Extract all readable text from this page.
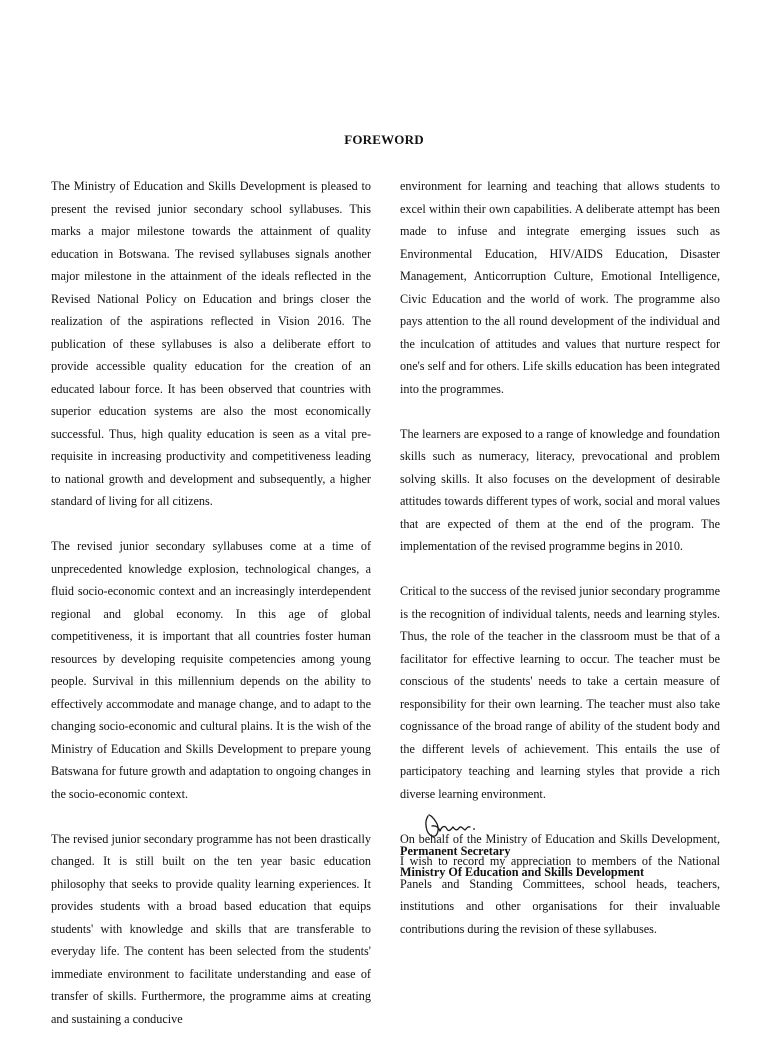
FOREWORD

The Ministry of Education and Skills Development is pleased to present the revised junior secondary school syllabuses. This marks a major milestone towards the attainment of quality education in Botswana. The revised syllabuses signals another major milestone in the attainment of the ideals reflected in the Revised National Policy on Education and brings closer the realization of the aspirations reflected in Vision 2016. The publication of these syllabuses is also a deliberate effort to provide accessible quality education for the creation of an educated labour force. It has been observed that countries with superior education systems are also the most economically successful. Thus, high quality education is seen as a vital pre-requisite in increasing productivity and competitiveness leading to national growth and development and subsequently, a higher standard of living for all citizens.

The revised junior secondary syllabuses come at a time of unprecedented knowledge explosion, technological changes, a fluid socio-economic context and an increasingly interdependent regional and global economy. In this age of global competitiveness, it is important that all countries foster human resources by developing requisite competencies among young people. Survival in this millennium depends on the ability to effectively accommodate and manage change, and to adapt to the changing socio-economic and cultural plains. It is the wish of the Ministry of Education and Skills Development to prepare young Batswana for future growth and adaptation to ongoing changes in the socio-economic context.

The revised junior secondary programme has not been drastically changed. It is still built on the ten year basic education philosophy that seeks to provide quality learning experiences. It provides students with a broad based education that equips students' with knowledge and skills that are transferable to everyday life. The content has been selected from the students' immediate environment to facilitate understanding and ease of transfer of skills. Furthermore, the programme aims at creating and sustaining a conducive

environment for learning and teaching that allows students to excel within their own capabilities. A deliberate attempt has been made to infuse and integrate emerging issues such as Environmental Education, HIV/AIDS Education, Disaster Management, Anticorruption Culture, Emotional Intelligence, Civic Education and the world of work. The programme also pays attention to the all round development of the individual and the inculcation of attitudes and values that nurture respect for one's self and for others. Life skills education has been integrated into the programmes.

The learners are exposed to a range of knowledge and foundation skills such as numeracy, literacy, prevocational and problem solving skills. It also focuses on the development of desirable attitudes towards different types of work, social and moral values that are expected of them at the end of the program. The implementation of the revised programme begins in 2010.

Critical to the success of the revised junior secondary programme is the recognition of individual talents, needs and learning styles. Thus, the role of the teacher in the classroom must be that of a facilitator for effective learning to occur. The teacher must be conscious of the students' needs to take a certain measure of responsibility for their own learning. The teacher must also take cognissance of the broad range of ability of the student body and the different levels of achievement. This entails the use of participatory teaching and learning styles that provide a rich diverse learning environment.

On behalf of the Ministry of Education and Skills Development, I wish to record my appreciation to members of the National Panels and Standing Committees, school heads, teachers, institutions and other organisations for their invaluable contributions during the revision of these syllabuses.

Permanent Secretary
Ministry Of Education and Skills Development
